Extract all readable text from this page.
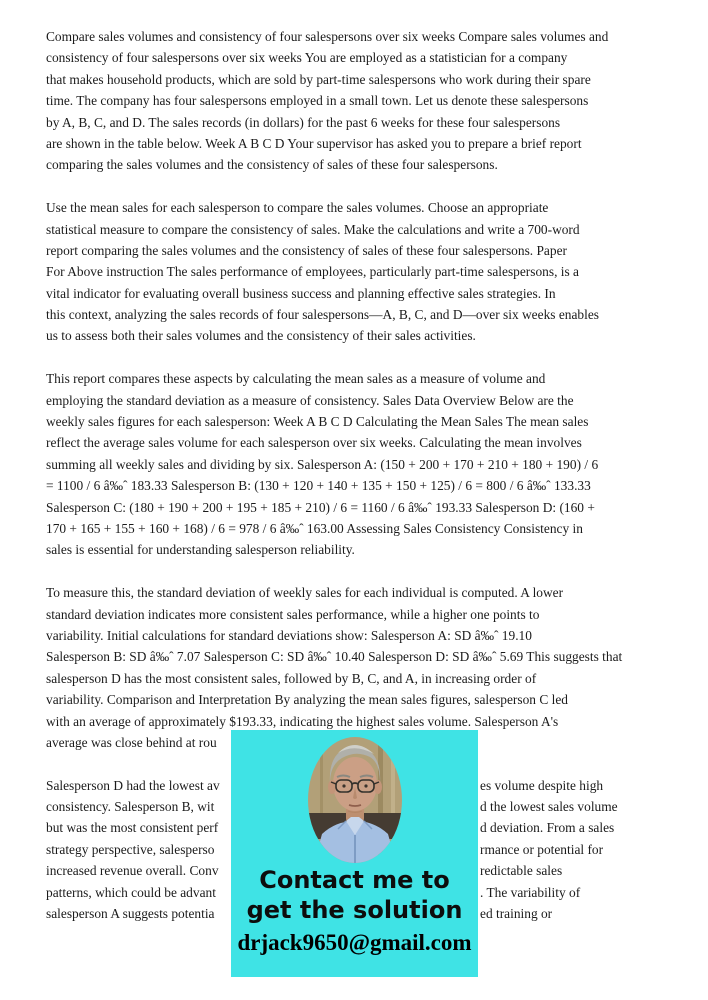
Compare sales volumes and consistency of four salespersons over six weeks Compare sales volumes and
consistency of four salespersons over six weeks You are employed as a statistician for a company
that makes household products, which are sold by part-time salespersons who work during their spare
time. The company has four salespersons employed in a small town. Let us denote these salespersons
by A, B, C, and D. The sales records (in dollars) for the past 6 weeks for these four salespersons
are shown in the table below. Week A B C D Your supervisor has asked you to prepare a brief report
comparing the sales volumes and the consistency of sales of these four salespersons.
Use the mean sales for each salesperson to compare the sales volumes. Choose an appropriate
statistical measure to compare the consistency of sales. Make the calculations and write a 700-word
report comparing the sales volumes and the consistency of sales of these four salespersons. Paper
For Above instruction The sales performance of employees, particularly part-time salespersons, is a
vital indicator for evaluating overall business success and planning effective sales strategies. In
this context, analyzing the sales records of four salespersons—A, B, C, and D—over six weeks enables
us to assess both their sales volumes and the consistency of their sales activities.
This report compares these aspects by calculating the mean sales as a measure of volume and
employing the standard deviation as a measure of consistency. Sales Data Overview Below are the
weekly sales figures for each salesperson: Week A B C D Calculating the Mean Sales The mean sales
reflect the average sales volume for each salesperson over six weeks. Calculating the mean involves
summing all weekly sales and dividing by six. Salesperson A: (150 + 200 + 170 + 210 + 180 + 190) / 6
= 1100 / 6 â‰ˆ 183.33 Salesperson B: (130 + 120 + 140 + 135 + 150 + 125) / 6 = 800 / 6 â‰ˆ 133.33
Salesperson C: (180 + 190 + 200 + 195 + 185 + 210) / 6 = 1160 / 6 â‰ˆ 193.33 Salesperson D: (160 +
170 + 165 + 155 + 160 + 168) / 6 = 978 / 6 â‰ˆ 163.00 Assessing Sales Consistency Consistency in
sales is essential for understanding salesperson reliability.
To measure this, the standard deviation of weekly sales for each individual is computed. A lower
standard deviation indicates more consistent sales performance, while a higher one points to
variability. Initial calculations for standard deviations show: Salesperson A: SD â‰ˆ 19.10
Salesperson B: SD â‰ˆ 7.07 Salesperson C: SD â‰ˆ 10.40 Salesperson D: SD â‰ˆ 5.69 This suggests that
salesperson D has the most consistent sales, followed by B, C, and A, in increasing order of
variability. Comparison and Interpretation By analyzing the mean sales figures, salesperson C led
with an average of approximately $193.33, indicating the highest sales volume. Salesperson A's
average was close behind at rou
Salesperson D had the lowest av	es volume despite high
consistency. Salesperson B, wit	d the lowest sales volume
but was the most consistent perf	d deviation. From a sales
strategy perspective, salesperso	rmance or potential for
increased revenue overall. Conv	redictable sales
patterns, which could be advant	. The variability of
salesperson A suggests potentia	ed training or
Contact me to
get the solution
drjack9650@gmail.com
